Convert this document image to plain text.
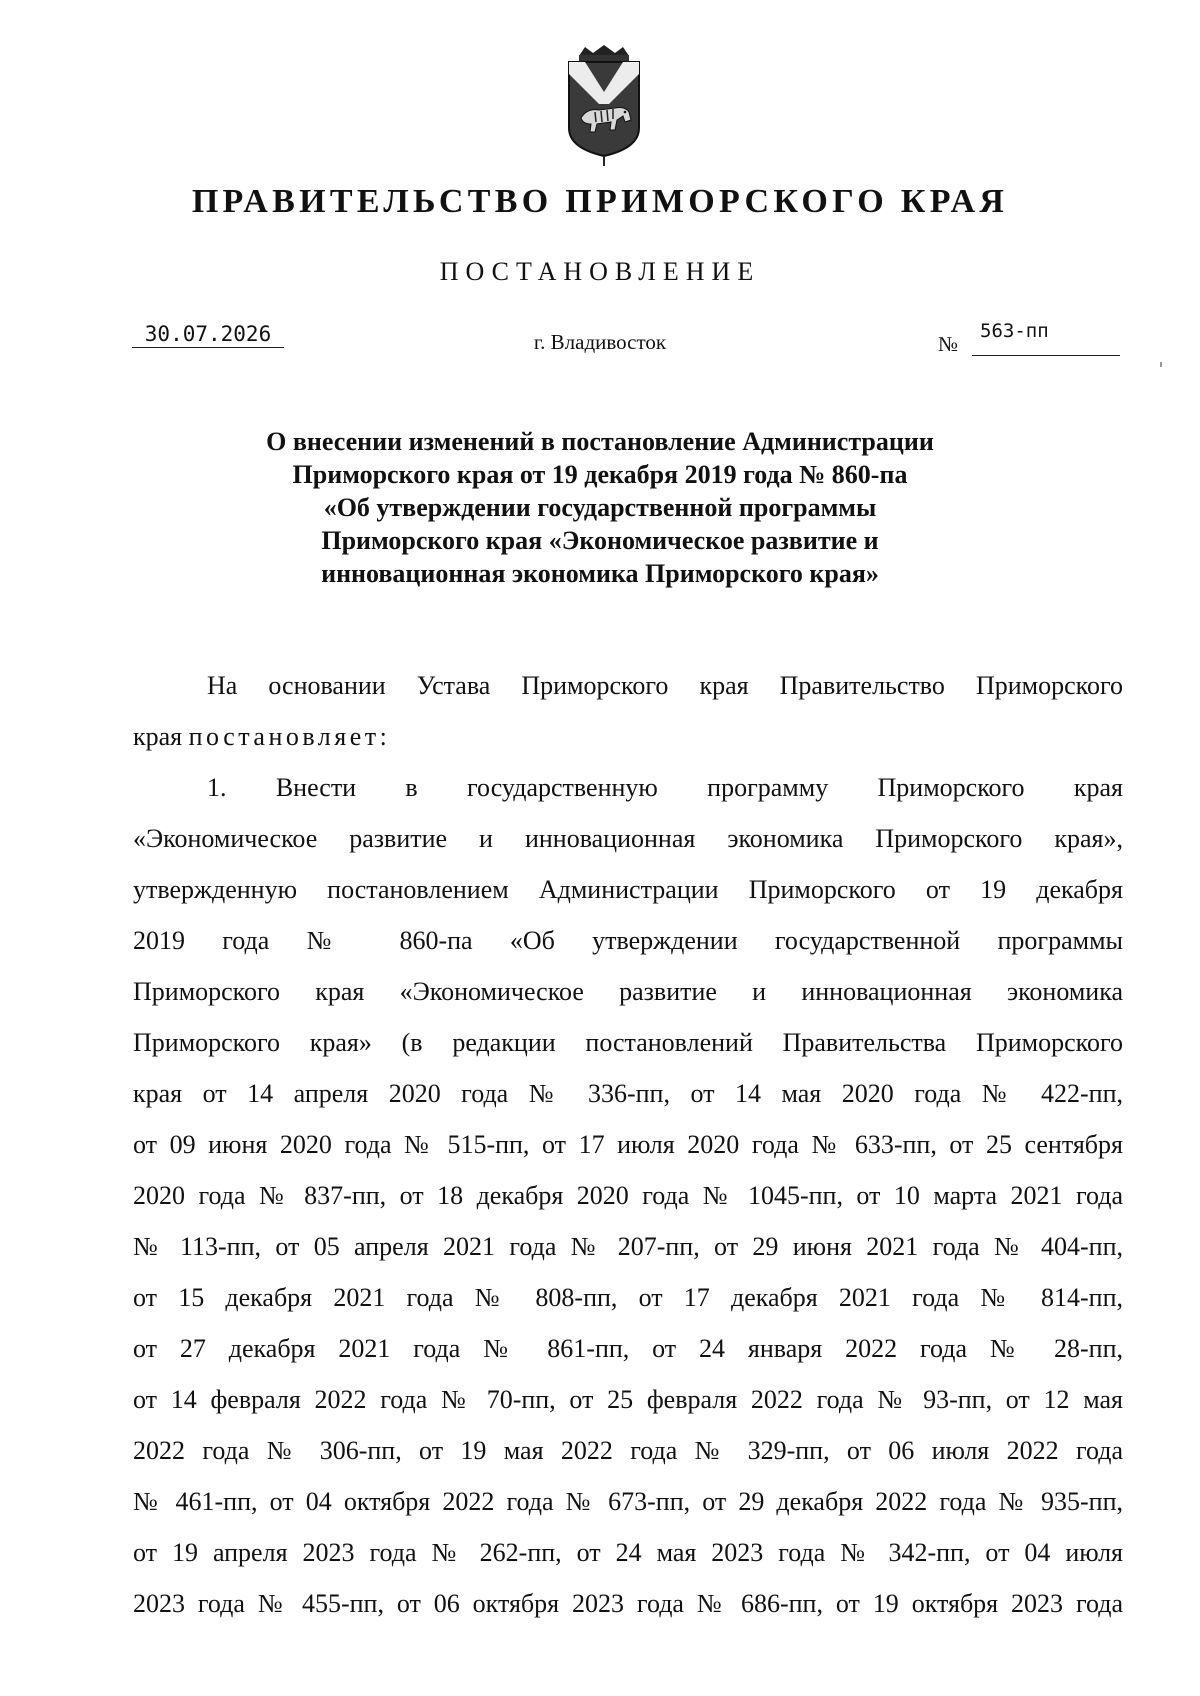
ПРАВИТЕЛЬСТВО ПРИМОРСКОГО КРАЯ
ПОСТАНОВЛЕНИЕ
30.07.2026	г. Владивосток	№
563-пп
О внесении изменений в постановление Администрации
Приморского края от 19 декабря 2019 года № 860-па
«Об утверждении государственной программы
Приморского края «Экономическое развитие и
инновационная экономика Приморского края»
На основании Устава Приморского края Правительство Приморского
края постановляет:
1. Внести в государственную программу Приморского края
«Экономическое развитие и инновационная экономика Приморского края»,
утвержденную постановлением Администрации Приморского от 19 декабря
2019 года № 860-па «Об утверждении государственной программы
Приморского края «Экономическое развитие и инновационная экономика
Приморского края» (в редакции постановлений Правительства Приморского
края от 14 апреля 2020 года № 336-пп, от 14 мая 2020 года № 422-пп,
от 09 июня 2020 года № 515-пп, от 17 июля 2020 года № 633-пп, от 25 сентября
2020 года № 837-пп, от 18 декабря 2020 года № 1045-пп, от 10 марта 2021 года
№ 113-пп, от 05 апреля 2021 года № 207-пп, от 29 июня 2021 года № 404-пп,
от 15 декабря 2021 года № 808-пп, от 17 декабря 2021 года № 814-пп,
от 27 декабря 2021 года № 861-пп, от 24 января 2022 года № 28-пп,
от 14 февраля 2022 года № 70-пп, от 25 февраля 2022 года № 93-пп, от 12 мая
2022 года № 306-пп, от 19 мая 2022 года № 329-пп, от 06 июля 2022 года
№ 461-пп, от 04 октября 2022 года № 673-пп, от 29 декабря 2022 года № 935-пп,
от 19 апреля 2023 года № 262-пп, от 24 мая 2023 года № 342-пп, от 04 июля
2023 года № 455-пп, от 06 октября 2023 года № 686-пп, от 19 октября 2023 года
